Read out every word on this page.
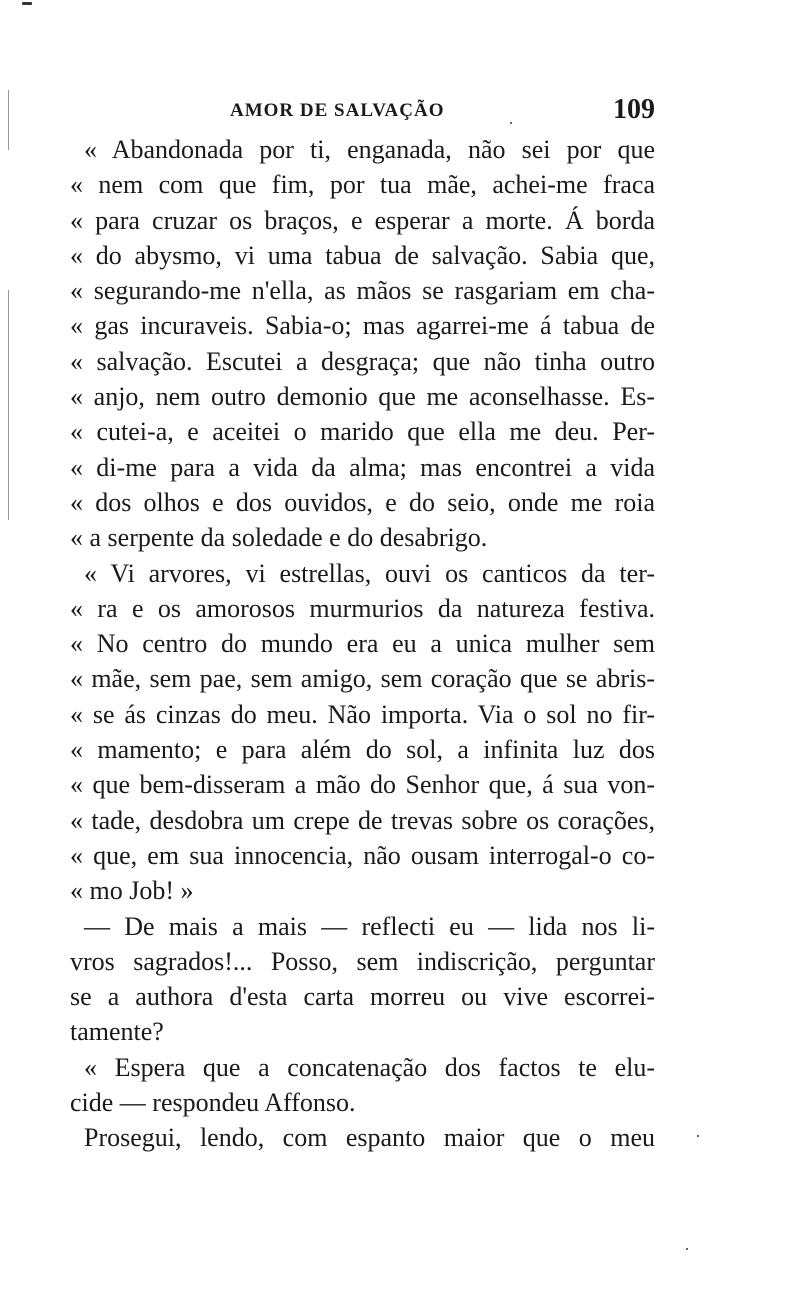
AMOR DE SALVAÇÃO	109
« Abandonada por ti, enganada, não sei por que
« nem com que fim, por tua mãe, achei-me fraca
« para cruzar os braços, e esperar a morte. Á borda
« do abysmo, vi uma tabua de salvação. Sabia que,
« segurando-me n'ella, as mãos se rasgariam em cha-
« gas incuraveis. Sabia-o; mas agarrei-me á tabua de
« salvação. Escutei a desgraça; que não tinha outro
« anjo, nem outro demonio que me aconselhasse. Es-
« cutei-a, e aceitei o marido que ella me deu. Per-
« di-me para a vida da alma; mas encontrei a vida
« dos olhos e dos ouvidos, e do seio, onde me roia
« a serpente da soledade e do desabrigo.
« Vi arvores, vi estrellas, ouvi os canticos da ter-
« ra e os amorosos murmurios da natureza festiva.
« No centro do mundo era eu a unica mulher sem
« mãe, sem pae, sem amigo, sem coração que se abris-
« se ás cinzas do meu. Não importa. Via o sol no fir-
« mamento; e para além do sol, a infinita luz dos
« que bem-disseram a mão do Senhor que, á sua von-
« tade, desdobra um crepe de trevas sobre os corações,
« que, em sua innocencia, não ousam interrogal-o co-
« mo Job! »
— De mais a mais — reflecti eu — lida nos li-
vros sagrados!... Posso, sem indiscrição, perguntar
se a authora d'esta carta morreu ou vive escorrei-
tamente?
« Espera que a concatenação dos factos te elu-
cide — respondeu Affonso.
Prosegui, lendo, com espanto maior que o meu
